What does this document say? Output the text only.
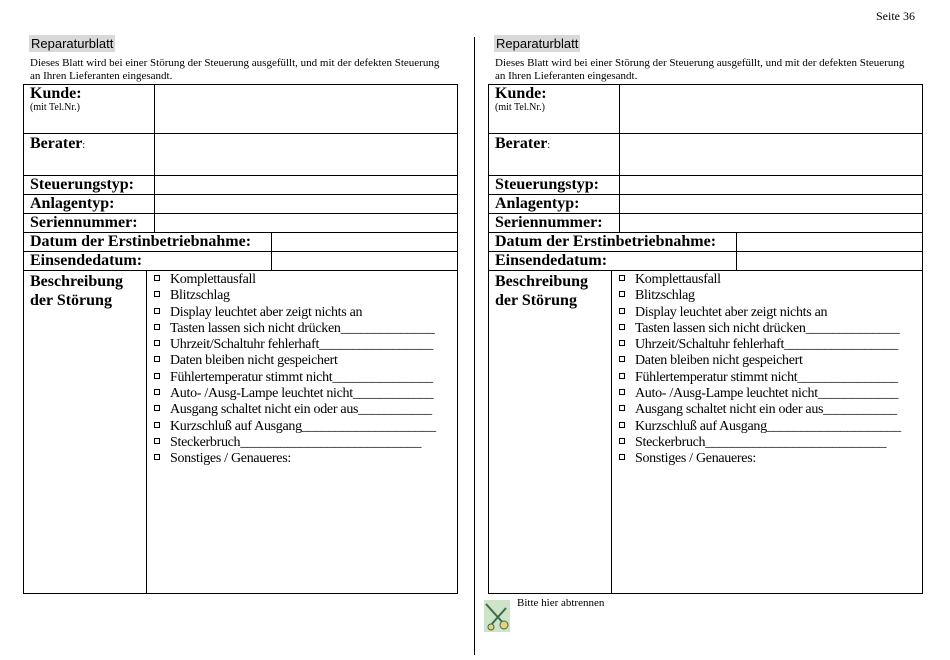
Seite 36
Reparaturblatt
Dieses Blatt wird bei einer Störung der Steuerung ausgefüllt, und mit der defekten Steuerung an Ihren Lieferanten eingesandt.
Kunde:
(mit Tel.Nr.)
Berater:
Steuerungstyp:
Anlagentyp:
Seriennummer:
Datum der Erstinbetriebnahme:
Einsendedatum:
Beschreibung der Störung
Komplettausfall
Blitzschlag
Display leuchtet aber zeigt nichts an
Tasten lassen sich nicht drücken______________
Uhrzeit/Schaltuhr fehlerhaft_________________
Daten bleiben nicht gespeichert
Fühlertemperatur stimmt nicht_______________
Auto- /Ausg-Lampe leuchtet nicht____________
Ausgang schaltet nicht ein oder aus___________
Kurzschluß auf Ausgang____________________
Steckerbruch___________________________
Sonstiges / Genaueres:
Reparaturblatt
Dieses Blatt wird bei einer Störung der Steuerung ausgefüllt, und mit der defekten Steuerung an Ihren Lieferanten eingesandt.
Kunde:
(mit Tel.Nr.)
Berater:
Steuerungstyp:
Anlagentyp:
Seriennummer:
Datum der Erstinbetriebnahme:
Einsendedatum:
Beschreibung der Störung
Komplettausfall
Blitzschlag
Display leuchtet aber zeigt nichts an
Tasten lassen sich nicht drücken______________
Uhrzeit/Schaltuhr fehlerhaft_________________
Daten bleiben nicht gespeichert
Fühlertemperatur stimmt nicht_______________
Auto- /Ausg-Lampe leuchtet nicht____________
Ausgang schaltet nicht ein oder aus___________
Kurzschluß auf Ausgang____________________
Steckerbruch___________________________
Sonstiges / Genaueres:
Bitte hier abtrennen
